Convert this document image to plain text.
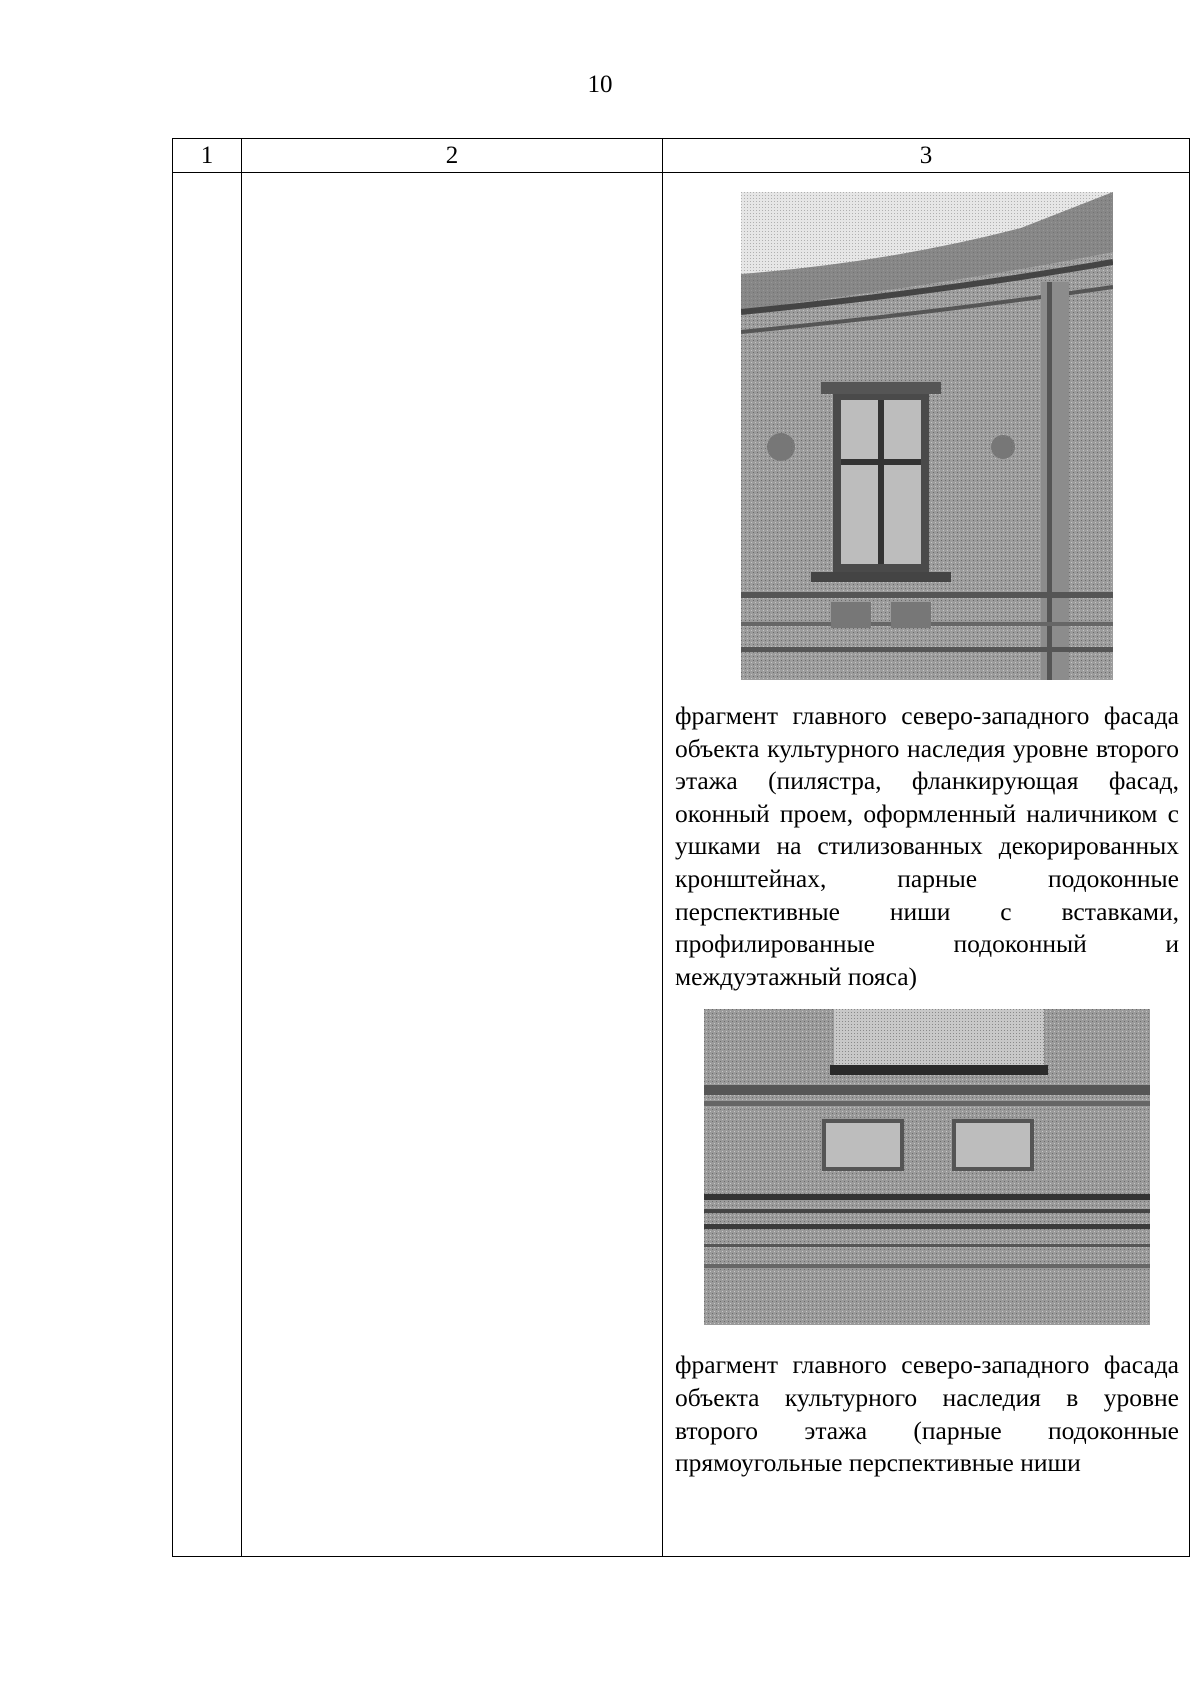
10
1	2	3

		фрагмент главного северо-западного фасада объекта культурного наследия уровне второго этажа (пилястра, фланкирующая фасад, оконный проем, оформленный наличником с ушками на стилизованных декорированных кронштейнах, парные подоконные перспективные ниши с вставками, профилированные подоконный и междуэтажный пояса)

фрагмент главного северо-западного фасада объекта культурного наследия в уровне второго этажа (парные подоконные прямоугольные перспективные ниши
